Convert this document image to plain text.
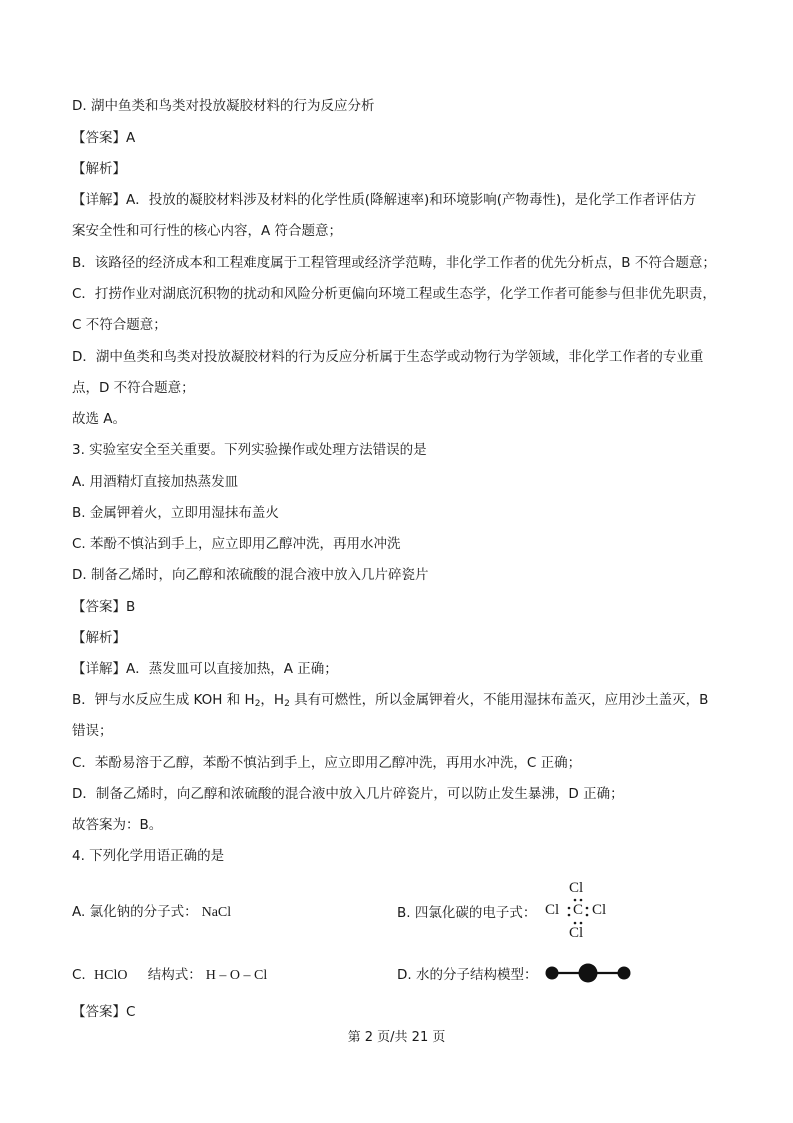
D. 湖中鱼类和鸟类对投放凝胶材料的行为反应分析
【答案】A
【解析】
【详解】A．投放的凝胶材料涉及材料的化学性质(降解速率)和环境影响(产物毒性)，是化学工作者评估方
案安全性和可行性的核心内容，A 符合题意；
B．该路径的经济成本和工程难度属于工程管理或经济学范畴，非化学工作者的优先分析点，B 不符合题意；
C．打捞作业对湖底沉积物的扰动和风险分析更偏向环境工程或生态学，化学工作者可能参与但非优先职责，
C 不符合题意；
D．湖中鱼类和鸟类对投放凝胶材料的行为反应分析属于生态学或动物行为学领域，非化学工作者的专业重
点，D 不符合题意；
故选 A。
3. 实验室安全至关重要。下列实验操作或处理方法错误的是
A. 用酒精灯直接加热蒸发皿
B. 金属钾着火，立即用湿抹布盖火
C. 苯酚不慎沾到手上，应立即用乙醇冲洗，再用水冲洗
D. 制备乙烯时，向乙醇和浓硫酸的混合液中放入几片碎瓷片
【答案】B
【解析】
【详解】A．蒸发皿可以直接加热，A 正确；
B．钾与水反应生成 KOH 和 $H_2$，$H_2$ 具有可燃性，所以金属钾着火，不能用湿抹布盖灭，应用沙土盖灭，B
错误；
C．苯酚易溶于乙醇，苯酚不慎沾到手上，应立即用乙醇冲洗，再用水冲洗，C 正确；
D．制备乙烯时，向乙醇和浓硫酸的混合液中放入几片碎瓷片，可以防止发生暴沸，D 正确；
故答案为：B。
4. 下列化学用语正确的是
A. 氯化钠的分子式： NaCl	B. 四氯化碳的电子式：
Cl
Cl C Cl
Cl
C. HClO 结构式： H – O – Cl	D. 水的分子结构模型：
【答案】C
第 2 页/共 21 页
